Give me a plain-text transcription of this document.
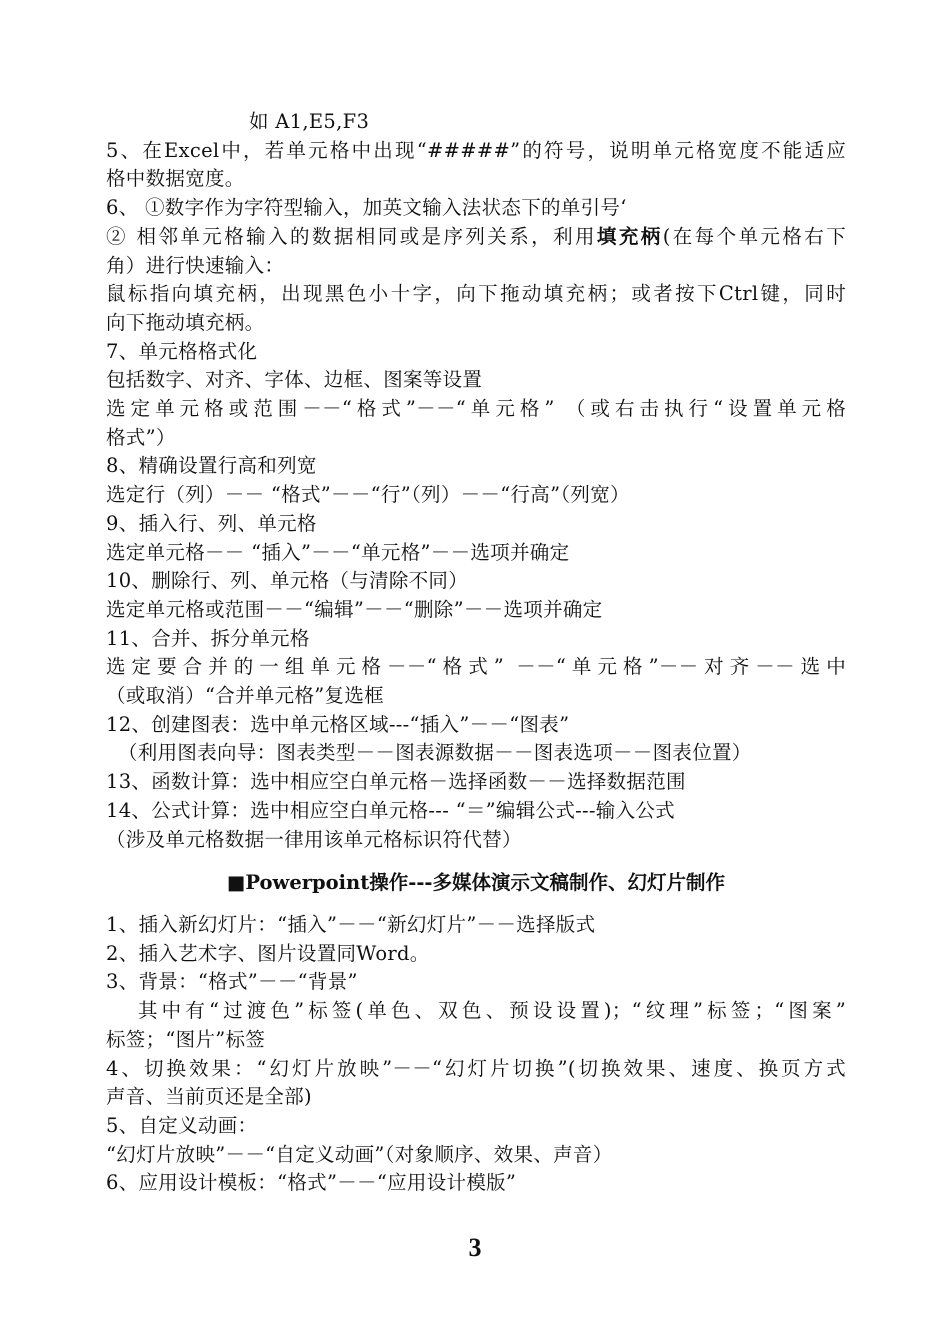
如 A1,E5,F3
5、在Excel中，若单元格中出现“#####”的符号，说明单元格宽度不能适应
格中数据宽度。
6、 ①数字作为字符型输入，加英文输入法状态下的单引号‘
② 相邻单元格输入的数据相同或是序列关系，利用填充柄(在每个单元格右下
角）进行快速输入：
鼠标指向填充柄，出现黑色小十字，向下拖动填充柄；或者按下Ctrl键，同时
向下拖动填充柄。
7、单元格格式化
包括数字、对齐、字体、边框、图案等设置
选定单元格或范围－－“格式”－－“单元格” （或右击执行“设置单元格
格式”）
8、精确设置行高和列宽
选定行（列）－－ “格式”－－“行”（列）－－“行高”（列宽）
9、插入行、列、单元格
选定单元格－－ “插入”－－“单元格”－－选项并确定
10、删除行、列、单元格（与清除不同）
选定单元格或范围－－“编辑”－－“删除”－－选项并确定
11、合并、拆分单元格
选定要合并的一组单元格－－“格式” －－“单元格”－－对齐－－选中
（或取消）“合并单元格”复选框
12、创建图表：选中单元格区域---“插入”－－“图表”
（利用图表向导：图表类型－－图表源数据－－图表选项－－图表位置）
13、函数计算：选中相应空白单元格－选择函数－－选择数据范围
14、公式计算：选中相应空白单元格--- “＝”编辑公式---输入公式
（涉及单元格数据一律用该单元格标识符代替）
■Powerpoint操作---多媒体演示文稿制作、幻灯片制作
1、插入新幻灯片：“插入”－－“新幻灯片”－－选择版式
2、插入艺术字、图片设置同Word。
3、背景：“格式”－－“背景”
其中有“过渡色”标签(单色、双色、预设设置)；“纹理”标签；“图案”
标签；“图片”标签
4、切换效果：“幻灯片放映”－－“幻灯片切换”(切换效果、速度、换页方式
声音、当前页还是全部)
5、自定义动画：
“幻灯片放映”－－“自定义动画”（对象顺序、效果、声音）
6、应用设计模板：“格式”－－“应用设计模版”
3
